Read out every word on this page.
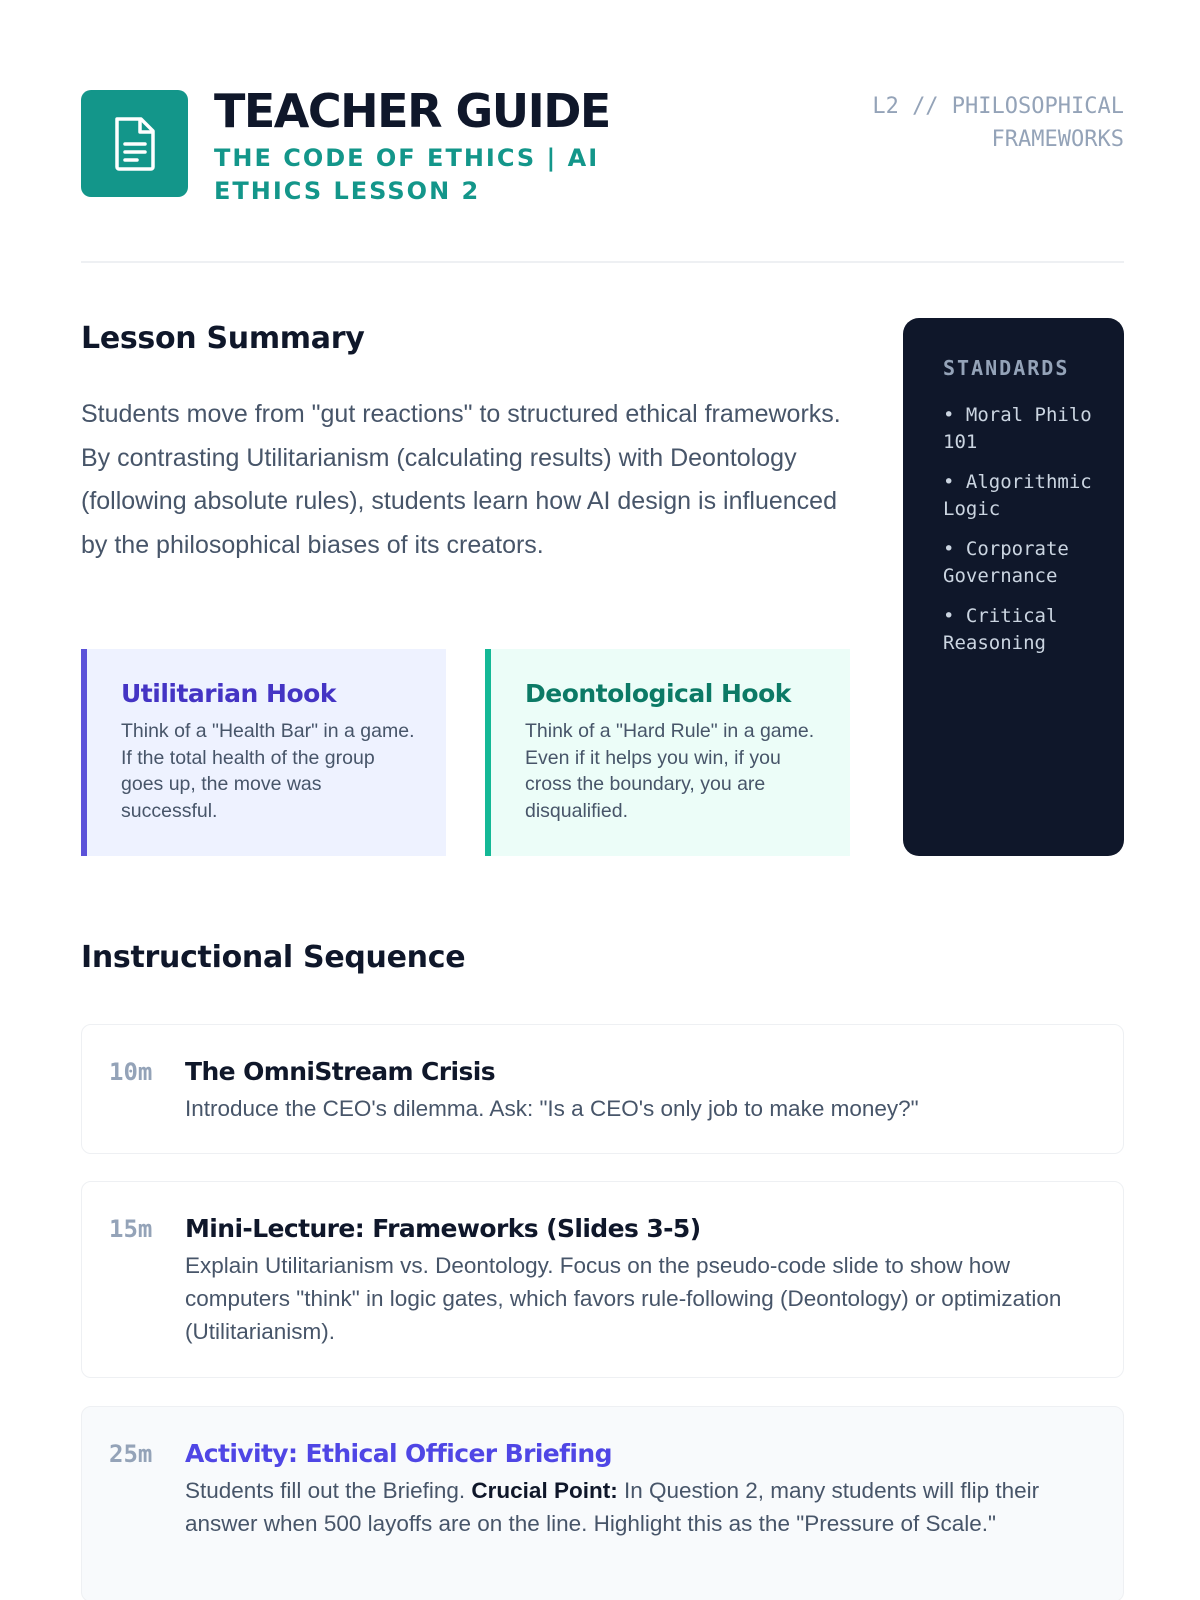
TEACHER GUIDE
THE CODE OF ETHICS | AI ETHICS LESSON 2
L2 // PHILOSOPHICAL FRAMEWORKS
Lesson Summary
Students move from "gut reactions" to structured ethical frameworks. By contrasting Utilitarianism (calculating results) with Deontology (following absolute rules), students learn how AI design is influenced by the philosophical biases of its creators.
Utilitarian Hook
Think of a "Health Bar" in a game. If the total health of the group goes up, the move was successful.
Deontological Hook
Think of a "Hard Rule" in a game. Even if it helps you win, if you cross the boundary, you are disqualified.
STANDARDS
• Moral Philo 101
• Algorithmic Logic
• Corporate Governance
• Critical Reasoning
Instructional Sequence
10m The OmniStream Crisis
Introduce the CEO's dilemma. Ask: "Is a CEO's only job to make money?"
15m Mini-Lecture: Frameworks (Slides 3-5)
Explain Utilitarianism vs. Deontology. Focus on the pseudo-code slide to show how computers "think" in logic gates, which favors rule-following (Deontology) or optimization (Utilitarianism).
25m Activity: Ethical Officer Briefing
Students fill out the Briefing. Crucial Point: In Question 2, many students will flip their answer when 500 layoffs are on the line. Highlight this as the "Pressure of Scale."
